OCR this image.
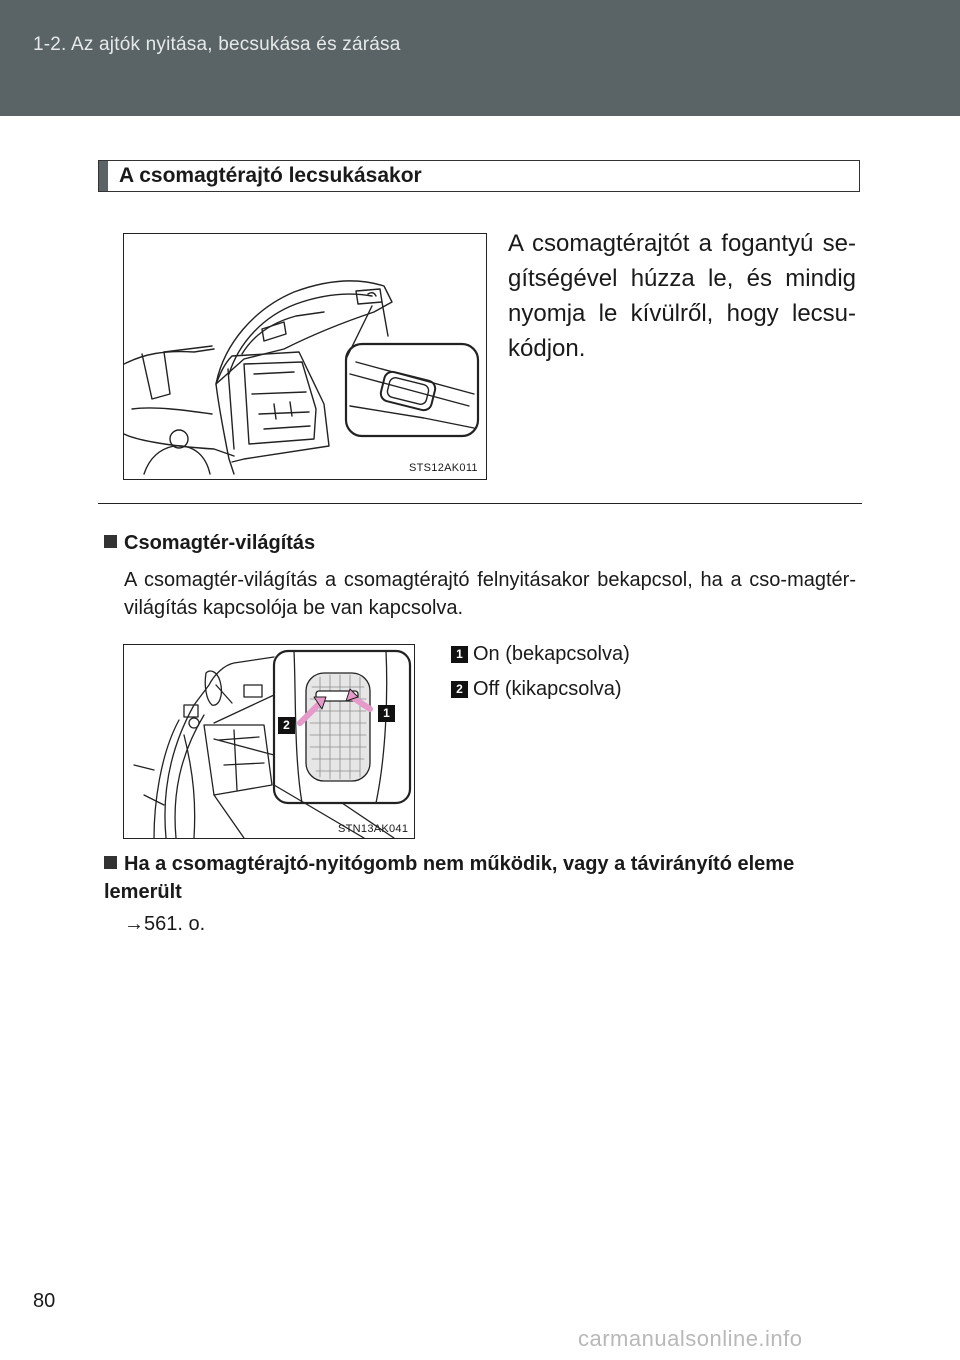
1-2. Az ajtók nyitása, becsukása és zárása
A csomagtérajtó lecsukásakor
STS12AK011
A csomagtérajtót a fogantyú se-gítségével húzza le, és mindig nyomja le kívülről, hogy lecsu-kódjon.
Csomagtér-világítás
A csomagtér-világítás a csomagtérajtó felnyitásakor bekapcsol, ha a cso-magtér-világítás kapcsolója be van kapcsolva.
2
1
STN13AK041
1 On (bekapcsolva)
2 Off (kikapcsolva)
Ha a csomagtérajtó-nyitógomb nem működik, vagy a távirányító eleme lemerült
→561. o.
80
carmanualsonline.info
